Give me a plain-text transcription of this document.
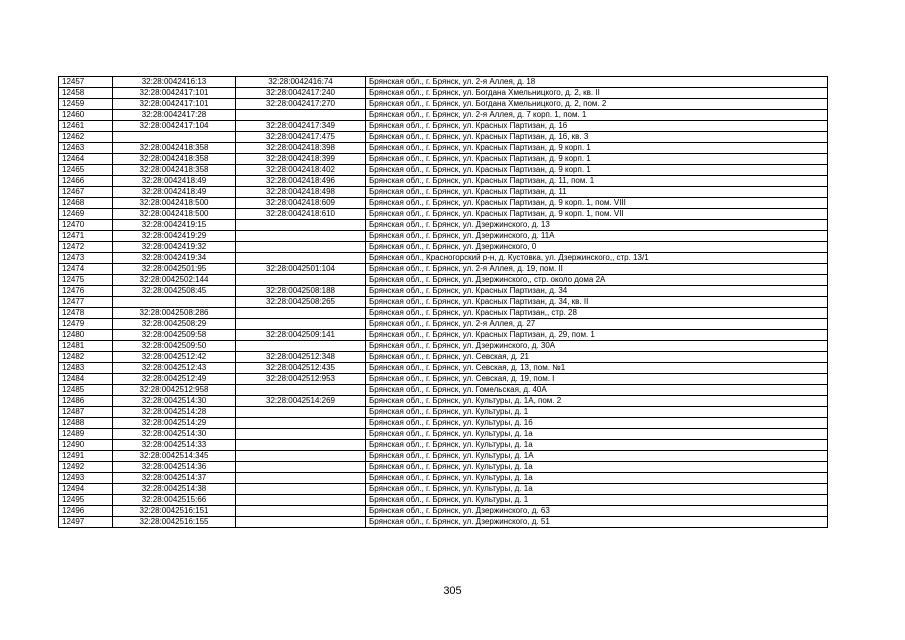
12457	32:28:0042416:13	32:28:0042416:74	Брянская обл., г. Брянск, ул. 2-я Аллея, д. 18
12458	32:28:0042417:101	32:28:0042417:240	Брянская обл., г. Брянск, ул. Богдана Хмельницкого, д. 2, кв. II
12459	32:28:0042417:101	32:28:0042417:270	Брянская обл., г. Брянск, ул. Богдана Хмельницкого, д. 2, пом. 2
12460	32:28:0042417:28		Брянская обл., г. Брянск, ул. 2-я Аллея, д. 7 корп. 1, пом. 1
12461	32:28:0042417:104	32:28:0042417:349	Брянская обл., г. Брянск, ул. Красных Партизан, д. 16
12462		32:28:0042417:475	Брянская обл., г. Брянск, ул. Красных Партизан, д. 16, кв. 3
12463	32:28:0042418:358	32:28:0042418:398	Брянская обл., г. Брянск, ул. Красных Партизан, д. 9 корп. 1
12464	32:28:0042418:358	32:28:0042418:399	Брянская обл., г. Брянск, ул. Красных Партизан, д. 9 корп. 1
12465	32:28:0042418:358	32:28:0042418:402	Брянская обл., г. Брянск, ул. Красных Партизан, д. 9 корп. 1
12466	32:28:0042418:49	32:28:0042418:496	Брянская обл., г. Брянск, ул. Красных Партизан, д. 11, пом. 1
12467	32:28:0042418:49	32:28:0042418:498	Брянская обл., г. Брянск, ул. Красных Партизан, д. 11
12468	32:28:0042418:500	32:28:0042418:609	Брянская обл., г. Брянск, ул. Красных Партизан, д. 9 корп. 1, пом. VIII
12469	32:28:0042418:500	32:28:0042418:610	Брянская обл., г. Брянск, ул. Красных Партизан, д. 9 корп. 1, пом. VII
12470	32:28:0042419:15		Брянская обл., г. Брянск, ул. Дзержинского, д. 13
12471	32:28:0042419:29		Брянская обл., г. Брянск, ул. Дзержинского, д. 11А
12472	32:28:0042419:32		Брянская обл., г. Брянск, ул. Дзержинского, 0
12473	32:28:0042419:34		Брянская обл., Красногорский р-н, д. Кустовка, ул. Дзержинского,, стр. 13/1
12474	32:28:0042501:95	32:28:0042501:104	Брянская обл., г. Брянск, ул. 2-я Аллея, д. 19, пом. II
12475	32:28:0042502:144		Брянская обл., г. Брянск, ул. Дзержинского,, стр. около дома 2А
12476	32:28:0042508:45	32:28:0042508:188	Брянская обл., г. Брянск, ул. Красных Партизан, д. 34
12477		32:28:0042508:265	Брянская обл., г. Брянск, ул. Красных Партизан, д. 34, кв. II
12478	32:28:0042508:286		Брянская обл., г. Брянск, ул. Красных Партизан,, стр. 28
12479	32:28:0042508:29		Брянская обл., г. Брянск, ул. 2-я Аллея, д. 27
12480	32:28:0042509:58	32:28:0042509:141	Брянская обл., г. Брянск, ул. Красных Партизан, д. 29, пом. 1
12481	32:28:0042509:50		Брянская обл., г. Брянск, ул. Дзержинского, д. 30А
12482	32:28:0042512:42	32:28:0042512:348	Брянская обл., г. Брянск, ул. Севская, д. 21
12483	32:28:0042512:43	32:28:0042512:435	Брянская обл., г. Брянск, ул. Севская, д. 13, пом. №1
12484	32:28:0042512:49	32:28:0042512:953	Брянская обл., г. Брянск, ул. Севская, д. 19, пом. I
12485	32:28:0042512:958		Брянская обл., г. Брянск, ул. Гомельская, д. 40А
12486	32:28:0042514:30	32:28:0042514:269	Брянская обл., г. Брянск, ул. Культуры, д. 1А, пом. 2
12487	32:28:0042514:28		Брянская обл., г. Брянск, ул. Культуры, д. 1
12488	32:28:0042514:29		Брянская обл., г. Брянск, ул. Культуры, д. 16
12489	32:28:0042514:30		Брянская обл., г. Брянск, ул. Культуры, д. 1а
12490	32:28:0042514:33		Брянская обл., г. Брянск, ул. Культуры, д. 1а
12491	32:28:0042514:345		Брянская обл., г. Брянск, ул. Культуры, д. 1А
12492	32:28:0042514:36		Брянская обл., г. Брянск, ул. Культуры, д. 1а
12493	32:28:0042514:37		Брянская обл., г. Брянск, ул. Культуры, д. 1а
12494	32:28:0042514:38		Брянская обл., г. Брянск, ул. Культуры, д. 1а
12495	32:28:0042515:66		Брянская обл., г. Брянск, ул. Культуры, д. 1
12496	32:28:0042516:151		Брянская обл., г. Брянск, ул. Дзержинского, д. 63
12497	32:28:0042516:155		Брянская обл., г. Брянск, ул. Дзержинского, д. 51
305
